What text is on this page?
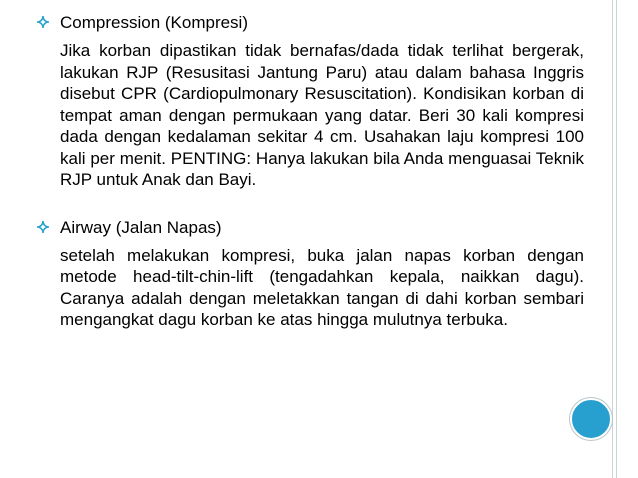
Compression (Kompresi)

Jika korban dipastikan tidak bernafas/dada tidak terlihat bergerak, lakukan RJP (Resusitasi Jantung Paru) atau dalam bahasa Inggris disebut CPR (Cardiopulmonary Resuscitation). Kondisikan korban di tempat aman dengan permukaan yang datar. Beri 30 kali kompresi dada dengan kedalaman sekitar 4 cm. Usahakan laju kompresi 100 kali per menit. PENTING: Hanya lakukan bila Anda menguasai Teknik RJP untuk Anak dan Bayi.

Airway (Jalan Napas)

setelah melakukan kompresi, buka jalan napas korban dengan metode head-tilt-chin-lift (tengadahkan kepala, naikkan dagu). Caranya adalah dengan meletakkan tangan di dahi korban sembari mengangkat dagu korban ke atas hingga mulutnya terbuka.
